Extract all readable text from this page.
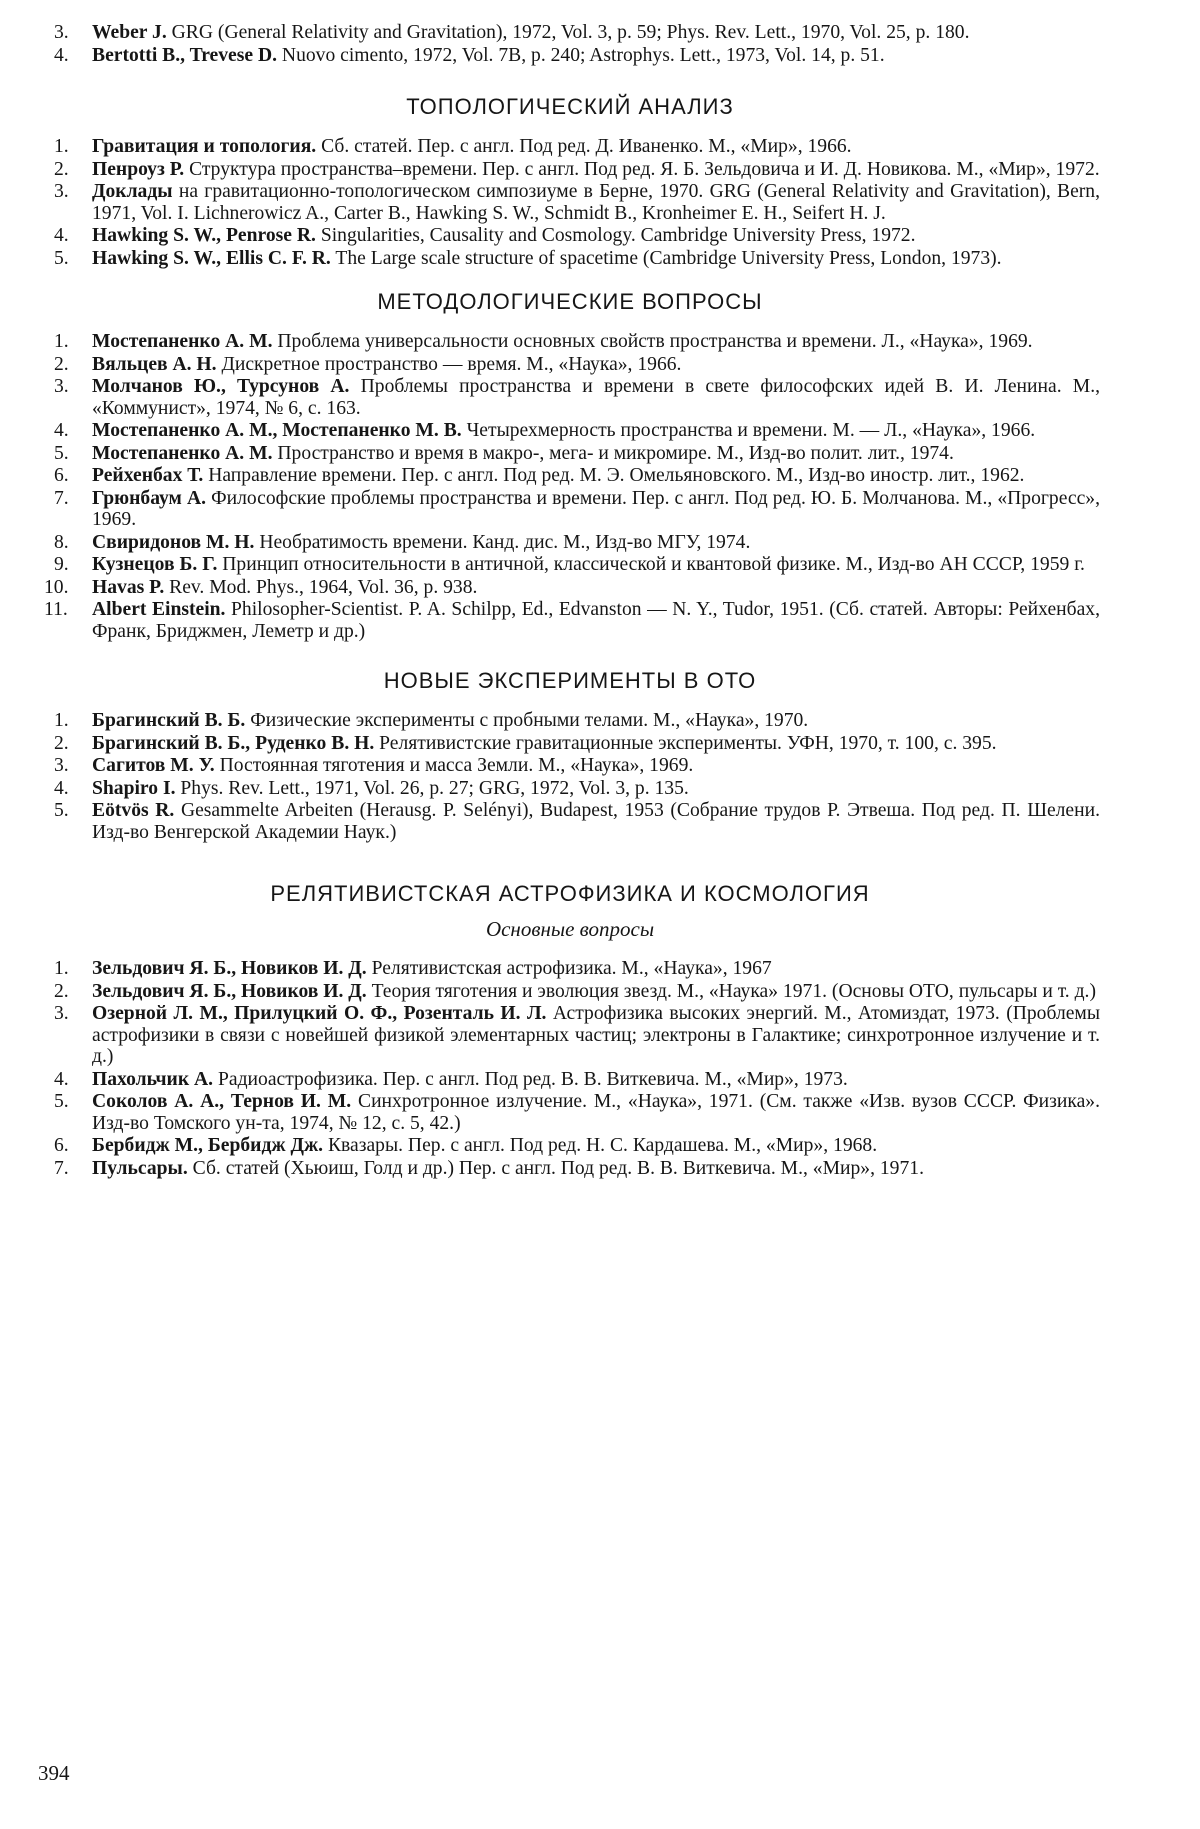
3. Weber J. GRG (General Relativity and Gravitation), 1972, Vol. 3, p. 59; Phys. Rev. Lett., 1970, Vol. 25, p. 180.
4. Bertotti B., Trevese D. Nuovo cimento, 1972, Vol. 7B, p. 240; Astrophys. Lett., 1973, Vol. 14, p. 51.
ТОПОЛОГИЧЕСКИЙ АНАЛИЗ
1. Гравитация и топология. Сб. статей. Пер. с англ. Под ред. Д. Иваненко. М., «Мир», 1966.
2. Пенроуз Р. Структура пространства–времени. Пер. с англ. Под ред. Я. Б. Зельдовича и И. Д. Новикова. М., «Мир», 1972.
3. Доклады на гравитационно-топологическом симпозиуме в Берне, 1970. GRG (General Relativity and Gravitation), Bern, 1971, Vol. I. Lichnerowicz A., Carter B., Hawking S. W., Schmidt B., Kronheimer E. H., Seifert H. J.
4. Hawking S. W., Penrose R. Singularities, Causality and Cosmology. Cambridge University Press, 1972.
5. Hawking S. W., Ellis C. F. R. The Large scale structure of spacetime (Cambridge University Press, London, 1973).
МЕТОДОЛОГИЧЕСКИЕ ВОПРОСЫ
1. Мостепаненко А. М. Проблема универсальности основных свойств пространства и времени. Л., «Наука», 1969.
2. Вяльцев А. Н. Дискретное пространство — время. М., «Наука», 1966.
3. Молчанов Ю., Турсунов А. Проблемы пространства и времени в свете философских идей В. И. Ленина. М., «Коммунист», 1974, № 6, с. 163.
4. Мостепаненко А. М., Мостепаненко М. В. Четырехмерность пространства и времени. М. — Л., «Наука», 1966.
5. Мостепаненко А. М. Пространство и время в макро-, мега- и микромире. М., Изд-во полит. лит., 1974.
6. Рейхенбах Т. Направление времени. Пер. с англ. Под ред. М. Э. Омельяновского. М., Изд-во иностр. лит., 1962.
7. Грюнбаум А. Философские проблемы пространства и времени. Пер. с англ. Под ред. Ю. Б. Молчанова. М., «Прогресс», 1969.
8. Свиридонов М. Н. Необратимость времени. Канд. дис. М., Изд-во МГУ, 1974.
9. Кузнецов Б. Г. Принцип относительности в античной, классической и квантовой физике. М., Изд-во АН СССР, 1959 г.
10. Havas P. Rev. Mod. Phys., 1964, Vol. 36, p. 938.
11. Albert Einstein. Philosopher-Scientist. P. A. Schilpp, Ed., Edvanston — N. Y., Tudor, 1951. (Сб. статей. Авторы: Рейхенбах, Франк, Бриджмен, Леметр и др.)
НОВЫЕ ЭКСПЕРИМЕНТЫ В ОТО
1. Брагинский В. Б. Физические эксперименты с пробными телами. М., «Наука», 1970.
2. Брагинский В. Б., Руденко В. Н. Релятивистские гравитационные эксперименты. УФН, 1970, т. 100, с. 395.
3. Сагитов М. У. Постоянная тяготения и масса Земли. М., «Наука», 1969.
4. Shapiro I. Phys. Rev. Lett., 1971, Vol. 26, p. 27; GRG, 1972, Vol. 3, p. 135.
5. Eötvös R. Gesammelte Arbeiten (Herausg. P. Selényi), Budapest, 1953 (Собрание трудов Р. Этвеша. Под ред. П. Шелени. Изд-во Венгерской Академии Наук.)
РЕЛЯТИВИСТСКАЯ АСТРОФИЗИКА И КОСМОЛОГИЯ

Основные вопросы

1. Зельдович Я. Б., Новиков И. Д. Релятивистская астрофизика. М., «Наука», 1967
2. Зельдович Я. Б., Новиков И. Д. Теория тяготения и эволюция звезд. М., «Наука» 1971. (Основы ОТО, пульсары и т. д.)
3. Озерной Л. М., Прилуцкий О. Ф., Розенталь И. Л. Астрофизика высоких энергий. М., Атомиздат, 1973. (Проблемы астрофизики в связи с новейшей физикой элементарных частиц; электроны в Галактике; синхротронное излучение и т. д.)
4. Пахольчик А. Радиоастрофизика. Пер. с англ. Под ред. В. В. Виткевича. М., «Мир», 1973.
5. Соколов А. А., Тернов И. М. Синхротронное излучение. М., «Наука», 1971. (См. также «Изв. вузов СССР. Физика». Изд-во Томского ун-та, 1974, № 12, с. 5, 42.)
6. Бербидж М., Бербидж Дж. Квазары. Пер. с англ. Под ред. Н. С. Кардашева. М., «Мир», 1968.
7. Пульсары. Сб. статей (Хьюиш, Голд и др.) Пер. с англ. Под ред. В. В. Виткевича. М., «Мир», 1971.
394
